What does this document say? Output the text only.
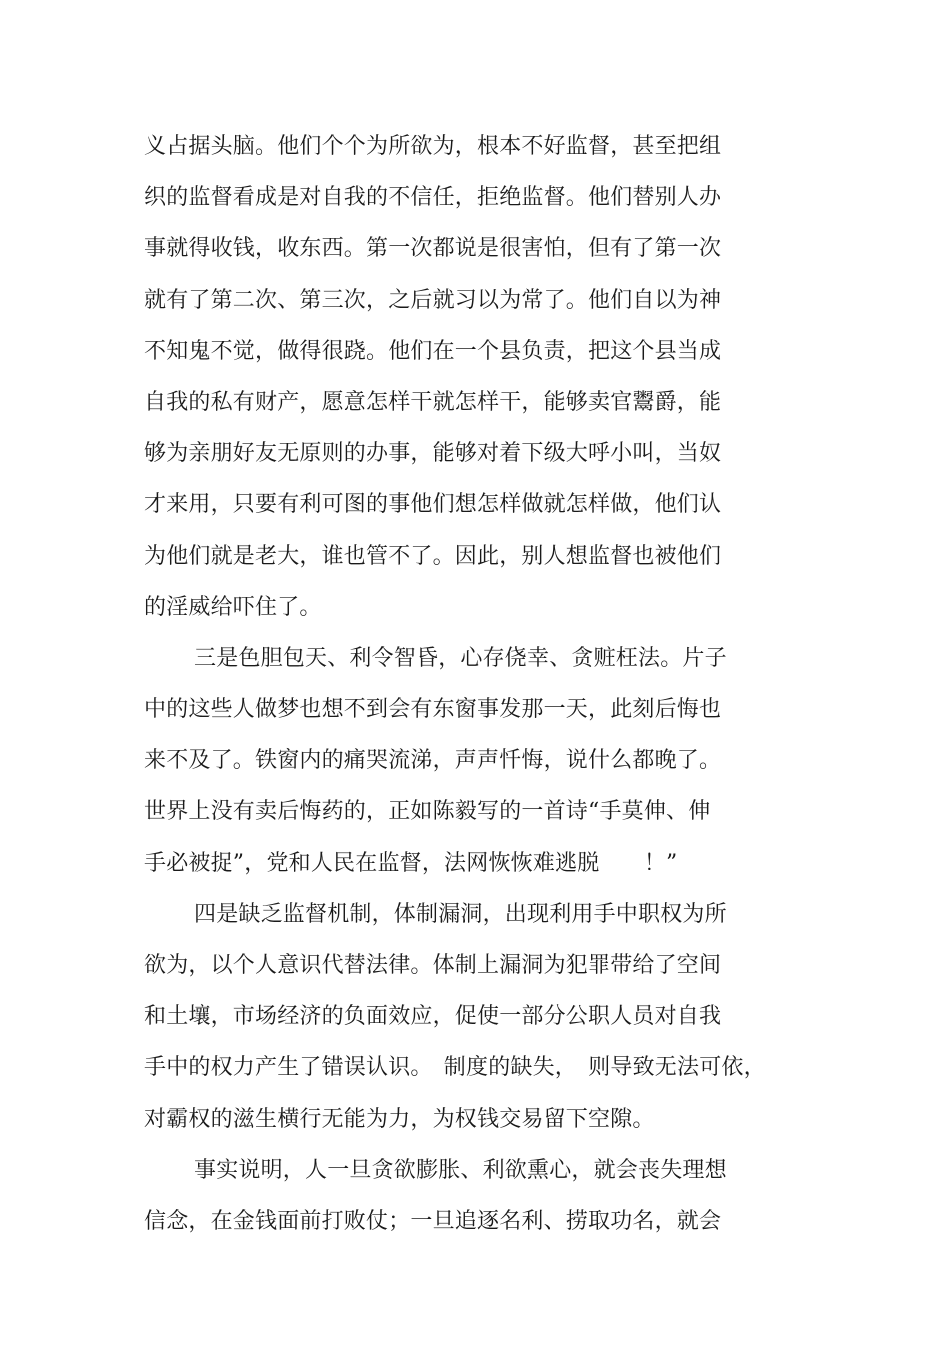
义占据头脑。他们个个为所欲为，根本不好监督，甚至把组
织的监督看成是对自我的不信任，拒绝监督。他们替别人办
事就得收钱，收东西。第一次都说是很害怕，但有了第一次
就有了第二次、第三次，之后就习以为常了。他们自以为神
不知鬼不觉，做得很跷。他们在一个县负责，把这个县当成
自我的私有财产，愿意怎样干就怎样干，能够卖官鬻爵，能
够为亲朋好友无原则的办事，能够对着下级大呼小叫，当奴
才来用，只要有利可图的事他们想怎样做就怎样做，他们认
为他们就是老大，谁也管不了。因此，别人想监督也被他们
的淫威给吓住了。
三是色胆包天、利令智昏，心存侥幸、贪赃枉法。片子
中的这些人做梦也想不到会有东窗事发那一天，此刻后悔也
来不及了。铁窗内的痛哭流涕，声声忏悔，说什么都晚了。
世界上没有卖后悔药的，正如陈毅写的一首诗“手莫伸、伸
手必被捉”，党和人民在监督，法网恢恢难逃脱　　！”
四是缺乏监督机制，体制漏洞，出现利用手中职权为所
欲为，以个人意识代替法律。体制上漏洞为犯罪带给了空间
和土壤，市场经济的负面效应，促使一部分公职人员对自我
手中的权力产生了错误认识。　制度的缺失，　则导致无法可依，
对霸权的滋生横行无能为力，为权钱交易留下空隙。
事实说明，人一旦贪欲膨胀、利欲熏心，就会丧失理想
信念，在金钱面前打败仗；一旦追逐名利、捞取功名，就会
